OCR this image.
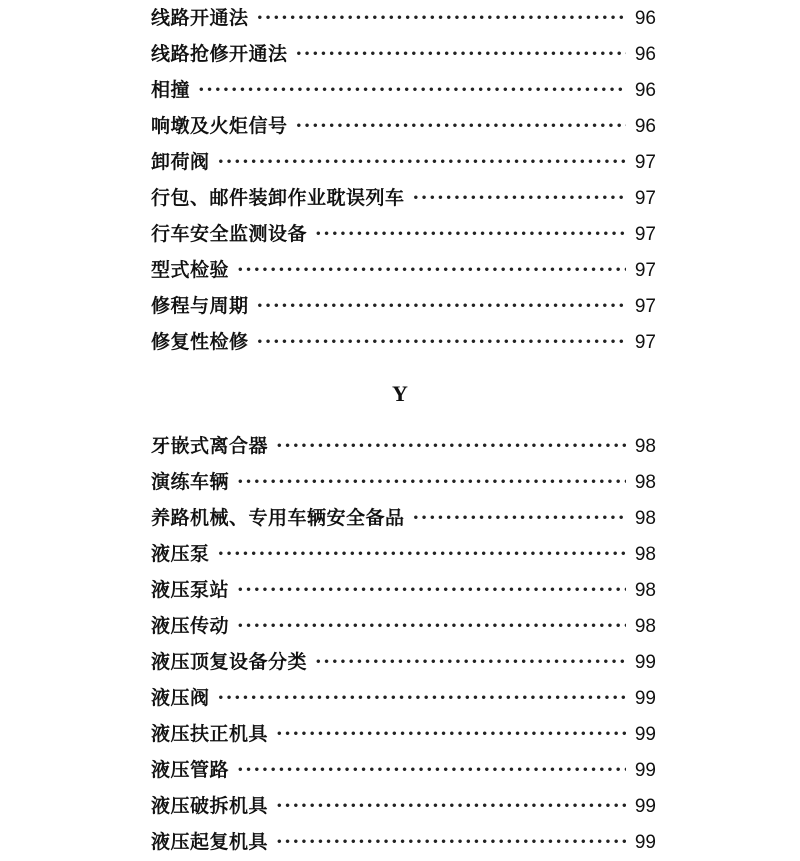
线路开通法 ·····	96
线路抢修开通法 ·····	96
相撞 ·····	96
响墩及火炬信号 ·····	96
卸荷阀 ·····	97
行包、邮件装卸作业耽误列车 ·····	97
行车安全监测设备 ·····	97
型式检验 ·····	97
修程与周期 ·····	97
修复性检修 ·····	97
Y
牙嵌式离合器 ·····	98
演练车辆 ·····	98
养路机械、专用车辆安全备品 ·····	98
液压泵 ·····	98
液压泵站 ·····	98
液压传动 ·····	98
液压顶复设备分类 ·····	99
液压阀 ·····	99
液压扶正机具 ·····	99
液压管路 ·····	99
液压破拆机具 ·····	99
液压起复机具 ·····	99
